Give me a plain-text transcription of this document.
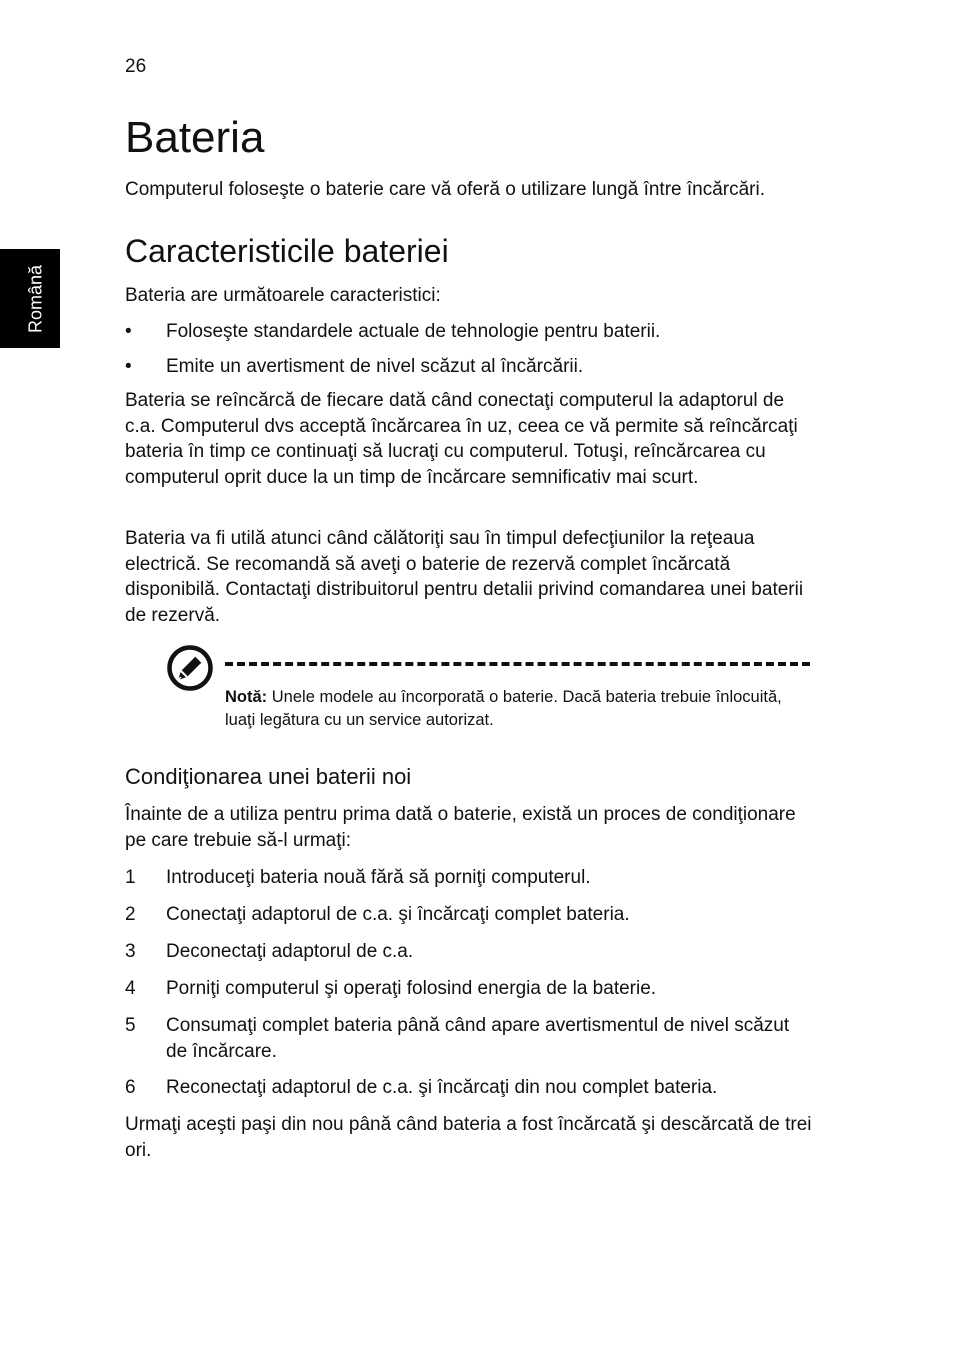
26
Română
Bateria

Computerul foloseşte o baterie care vă oferă o utilizare lungă între încărcări.

Caracteristicile bateriei

Bateria are următoarele caracteristici:

•	Foloseşte standardele actuale de tehnologie pentru baterii.
•	Emite un avertisment de nivel scăzut al încărcării.

Bateria se reîncărcă de fiecare dată când conectaţi computerul la adaptorul de c.a. Computerul dvs acceptă încărcarea în uz, ceea ce vă permite să reîncărcaţi bateria în timp ce continuaţi să lucraţi cu computerul. Totuşi, reîncărcarea cu computerul oprit duce la un timp de încărcare semnificativ mai scurt.

Bateria va fi utilă atunci când călătoriţi sau în timpul defecţiunilor la reţeaua electrică. Se recomandă să aveţi o baterie de rezervă complet încărcată disponibilă. Contactaţi distribuitorul pentru detalii privind comandarea unei baterii de rezervă.

Notă: Unele modele au încorporată o baterie. Dacă bateria trebuie înlocuită, luaţi legătura cu un service autorizat.
Condiţionarea unei baterii noi

Înainte de a utiliza pentru prima dată o baterie, există un proces de condiţionare pe care trebuie să-l urmaţi:

1	Introduceţi bateria nouă fără să porniţi computerul.
2	Conectaţi adaptorul de c.a. şi încărcaţi complet bateria.
3	Deconectaţi adaptorul de c.a.
4	Porniţi computerul şi operaţi folosind energia de la baterie.
5	Consumaţi complet bateria până când apare avertismentul de nivel scăzut de încărcare.
6	Reconectaţi adaptorul de c.a. şi încărcaţi din nou complet bateria.

Urmaţi aceşti paşi din nou până când bateria a fost încărcată şi descărcată de trei ori.
